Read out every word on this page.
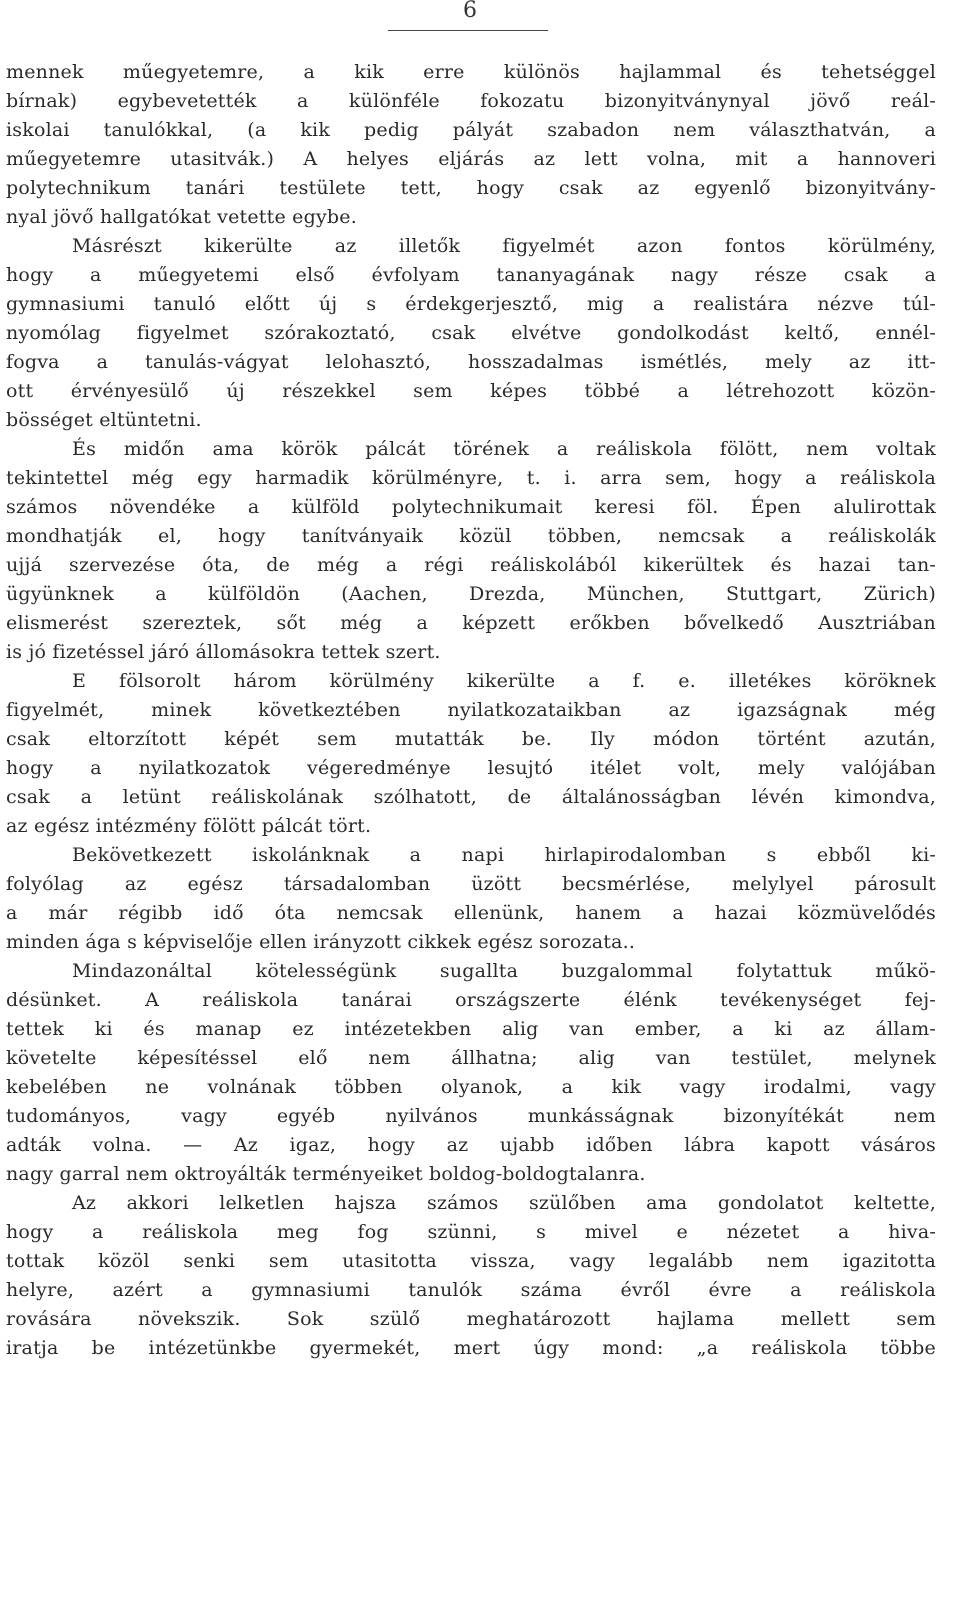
6
mennek műegyetemre, a kik erre különös hajlammal és tehetséggel
bírnak) egybevetették a különféle fokozatu bizonyitványnyal jövő reál-
iskolai tanulókkal, (a kik pedig pályát szabadon nem választhatván, a
műegyetemre utasitvák.) A helyes eljárás az lett volna, mit a hannoveri
polytechnikum tanári testülete tett, hogy csak az egyenlő bizonyitvány-
nyal jövő hallgatókat vetette egybe.
Másrészt kikerülte az illetők figyelmét azon fontos körülmény,
hogy a műegyetemi első évfolyam tananyagának nagy része csak a
gymnasiumi tanuló előtt új s érdekgerjesztő, mig a realistára nézve túl-
nyomólag figyelmet szórakoztató, csak elvétve gondolkodást keltő, ennél-
fogva a tanulás-vágyat lelohasztó, hosszadalmas ismétlés, mely az itt-
ott érvényesülő új részekkel sem képes többé a létrehozott közön-
bösséget eltüntetni.
És midőn ama körök pálcát törének a reáliskola fölött, nem voltak
tekintettel még egy harmadik körülményre, t. i. arra sem, hogy a reáliskola
számos növendéke a külföld polytechnikumait keresi föl. Épen alulirottak
mondhatják el, hogy tanítványaik közül többen, nemcsak a reáliskolák
ujjá szervezése óta, de még a régi reáliskolából kikerültek és hazai tan-
ügyünknek a külföldön (Aachen, Drezda, München, Stuttgart, Zürich)
elismerést szereztek, sőt még a képzett erőkben bővelkedő Ausztriában
is jó fizetéssel járó állomásokra tettek szert.
E fölsorolt három körülmény kikerülte a f. e. illetékes köröknek
figyelmét, minek következtében nyilatkozataikban az igazságnak még
csak eltorzított képét sem mutatták be. Ily módon történt azután,
hogy a nyilatkozatok végeredménye lesujtó itélet volt, mely valójában
csak a letünt reáliskolának szólhatott, de általánosságban lévén kimondva,
az egész intézmény fölött pálcát tört.
Bekövetkezett iskolánknak a napi hirlapirodalomban s ebből ki-
folyólag az egész társadalomban üzött becsmérlése, melylyel párosult
a már régibb idő óta nemcsak ellenünk, hanem a hazai közmüvelődés
minden ága s képviselője ellen irányzott cikkek egész sorozata..
Mindazonáltal kötelességünk sugallta buzgalommal folytattuk műkö-
désünket. A reáliskola tanárai országszerte élénk tevékenységet fej-
tettek ki és manap ez intézetekben alig van ember, a ki az állam-
követelte képesítéssel elő nem állhatna; alig van testület, melynek
kebelében ne volnának többen olyanok, a kik vagy irodalmi, vagy
tudományos, vagy egyéb nyilvános munkásságnak bizonyítékát nem
adták volna. — Az igaz, hogy az ujabb időben lábra kapott vásáros
nagy garral nem oktroyálták terményeiket boldog-boldogtalanra.
Az akkori lelketlen hajsza számos szülőben ama gondolatot keltette,
hogy a reáliskola meg fog szünni, s mivel e nézetet a hiva-
tottak közöl senki sem utasitotta vissza, vagy legalább nem igazitotta
helyre, azért a gymnasiumi tanulók száma évről évre a reáliskola
rovására növekszik. Sok szülő meghatározott hajlama mellett sem
iratja be intézetünkbe gyermekét, mert úgy mond: „a reáliskola többe
